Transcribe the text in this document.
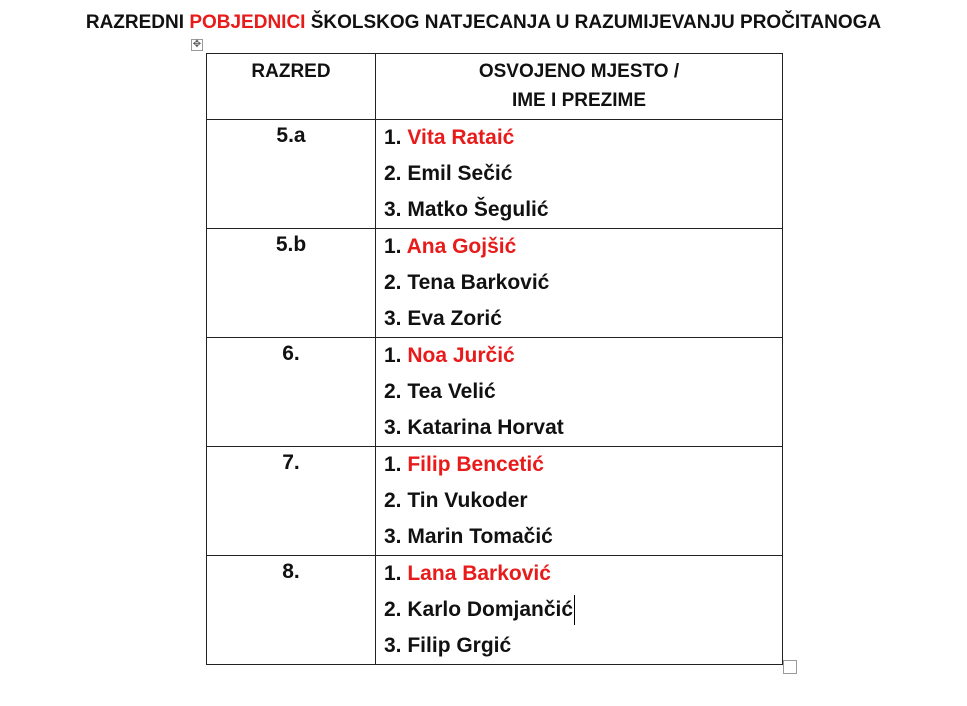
RAZREDNI POBJEDNICI ŠKOLSKOG NATJECANJA U RAZUMIJEVANJU PROČITANOGA
✥
RAZRED	OSVOJENO MJESTO /
IME I PREZIME

5.a	1. Vita Rataić
2. Emil Sečić
3. Matko Šegulić

5.b	1. Ana Gojšić
2. Tena Barković
3. Eva Zorić

6.	1. Noa Jurčić
2. Tea Velić
3. Katarina Horvat

7.	1. Filip Bencetić
2. Tin Vukoder
3. Marin Tomačić

8.	1. Lana Barković
2. Karlo Domjančić
3. Filip Grgić
